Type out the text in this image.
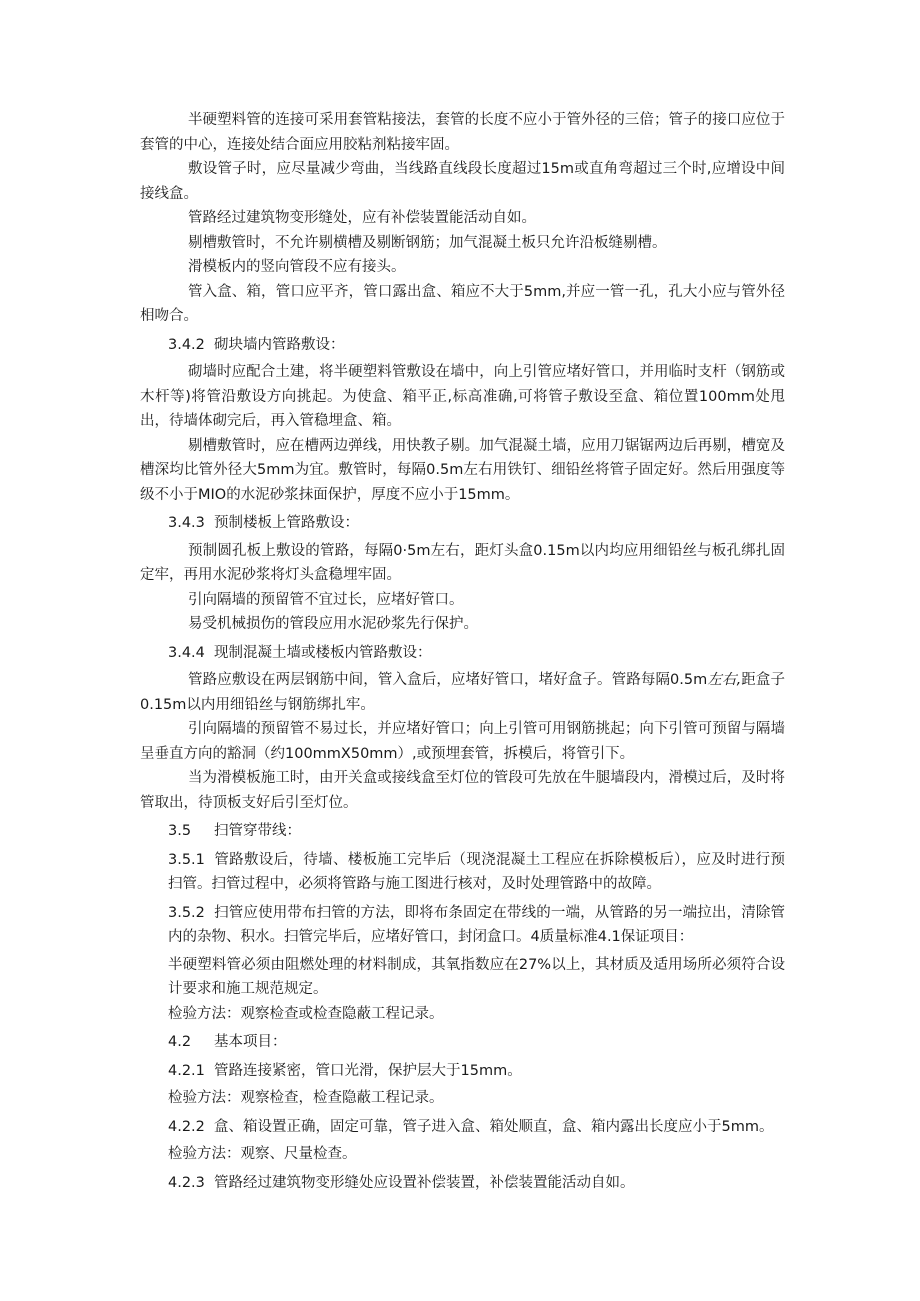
半硬塑料管的连接可采用套管粘接法，套管的长度不应小于管外径的三倍；管子的接口应位于套管的中心，连接处结合面应用胶粘剂粘接牢固。

敷设管子时，应尽量减少弯曲，当线路直线段长度超过15m或直角弯超过三个时,应增设中间接线盒。

管路经过建筑物变形缝处，应有补偿装置能活动自如。

剔槽敷管时，不允许剔横槽及剔断钢筋；加气混凝土板只允许沿板缝剔槽。

滑模板内的竖向管段不应有接头。

管入盒、箱，管口应平齐，管口露出盒、箱应不大于5mm,并应一管一孔，孔大小应与管外径相吻合。

3.4.2 砌块墙内管路敷设：

砌墙时应配合土建，将半硬塑料管敷设在墙中，向上引管应堵好管口，并用临时支杆（钢筋或木杆等)将管沿敷设方向挑起。为使盒、箱平正,标高准确,可将管子敷设至盒、箱位置100mm处甩出，待墙体砌完后，再入管稳埋盒、箱。

剔槽敷管时，应在槽两边弹线，用快教子剔。加气混凝土墙，应用刀锯锯两边后再剔，槽宽及槽深均比管外径大5mm为宜。敷管时，每隔0.5m左右用铁钉、细铅丝将管子固定好。然后用强度等级不小于MIO的水泥砂浆抹面保护，厚度不应小于15mm。

3.4.3 预制楼板上管路敷设：

预制圆孔板上敷设的管路，每隔0·5m左右，距灯头盒0.15m以内均应用细铅丝与板孔绑扎固定牢，再用水泥砂浆将灯头盒稳埋牢固。

引向隔墙的预留管不宜过长，应堵好管口。

易受机械损伤的管段应用水泥砂浆先行保护。

3.4.4 现制混凝土墙或楼板内管路敷设：

管路应敷设在两层钢筋中间，管入盒后，应堵好管口，堵好盒子。管路每隔0.5m左右,距盒子0.15m以内用细铅丝与钢筋绑扎牢。

引向隔墙的预留管不易过长，并应堵好管口；向上引管可用钢筋挑起；向下引管可预留与隔墙呈垂直方向的豁洞（约100mmX50mm）,或预埋套管，拆模后，将管引下。

当为滑模板施工时，由开关盒或接线盒至灯位的管段可先放在牛腿墙段内，滑模过后，及时将管取出，待顶板支好后引至灯位。

3.5 扫管穿带线：

3.5.1 管路敷设后，待墙、楼板施工完毕后（现浇混凝土工程应在拆除模板后），应及时进行预扫管。扫管过程中，必须将管路与施工图进行核对，及时处理管路中的故障。

3.5.2 扫管应使用带布扫管的方法，即将布条固定在带线的一端，从管路的另一端拉出，清除管内的杂物、积水。扫管完毕后，应堵好管口，封闭盒口。4质量标准4.1保证项目：

半硬塑料管必须由阻燃处理的材料制成，其氧指数应在27%以上，其材质及适用场所必须符合设计要求和施工规范规定。

检验方法：观察检查或检查隐蔽工程记录。

4.2 基本项目：

4.2.1 管路连接紧密，管口光滑，保护层大于15mm。

检验方法：观察检查，检查隐蔽工程记录。

4.2.2 盒、箱设置正确，固定可靠，管子进入盒、箱处顺直，盒、箱内露出长度应小于5mm。

检验方法：观察、尺量检查。

4.2.3 管路经过建筑物变形缝处应设置补偿装置，补偿装置能活动自如。
